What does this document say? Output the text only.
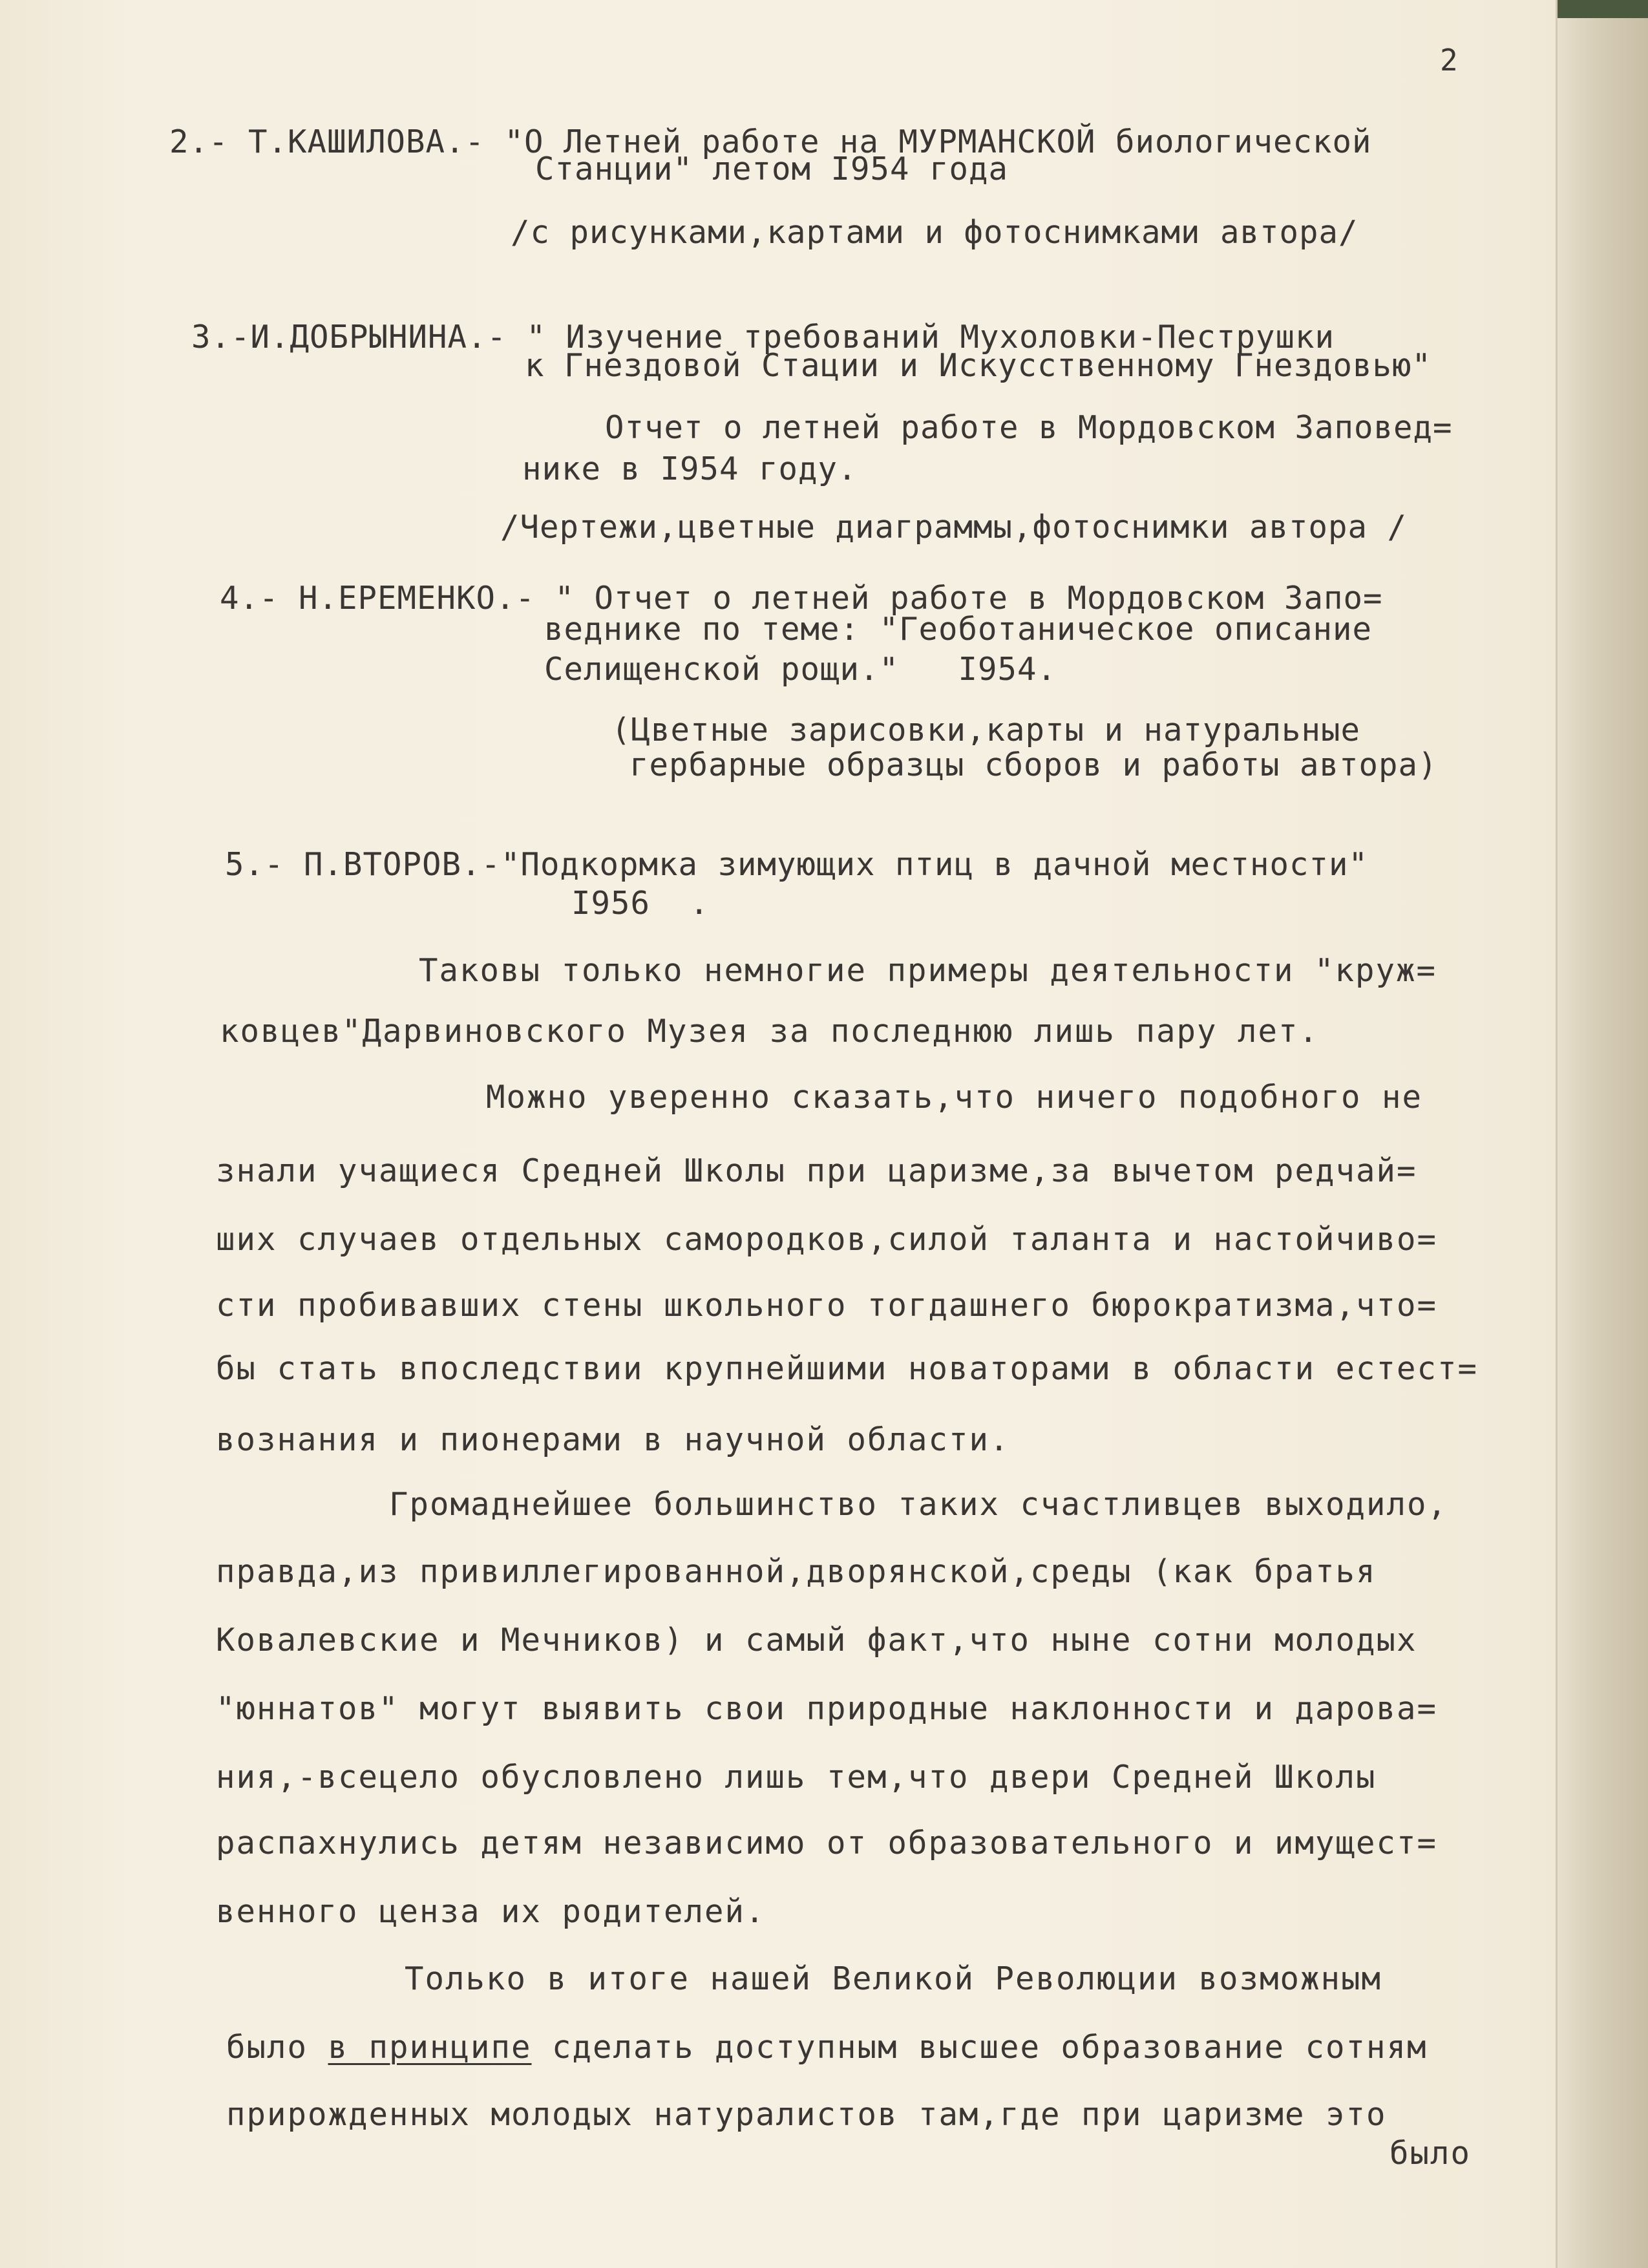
2

2.- Т.КАШИЛОВА.- "О Летней работе на МУРМАНСКОЙ биологической

Станции" летом I954 года

/с рисунками,картами и фотоснимками автора/

3.-И.ДОБРЫНИНА.- " Изучение требований Мухоловки-Пеструшки

к Гнездовой Стации и Искусственному Гнездовью"

Отчет о летней работе в Мордовском Заповед=

нике в I954 году.

/Чертежи,цветные диаграммы,фотоснимки автора /

4.- Н.ЕРЕМЕНКО.- " Отчет о летней работе в Мордовском Запо=

веднике по теме: "Геоботаническое описание

Селищенской рощи."   I954.

(Цветные зарисовки,карты и натуральные

гербарные образцы сборов и работы автора)

5.- П.ВТОРОВ.-"Подкормка зимующих птиц в дачной местности"

I956  .

Таковы только немногие примеры деятельности "круж=

ковцев"Дарвиновского Музея за последнюю лишь пару лет.

Можно уверенно сказать,что ничего подобного не

знали учащиеся Средней Школы при царизме,за вычетом редчай=

ших случаев отдельных самородков,силой таланта и настойчиво=

сти пробивавших стены школьного тогдашнего бюрократизма,что=

бы стать впоследствии крупнейшими новаторами в области естест=

вознания и пионерами в научной области.

Громаднейшее большинство таких счастливцев выходило,

правда,из привиллегированной,дворянской,среды (как братья

Ковалевские и Мечников) и самый факт,что ныне сотни молодых

"юннатов" могут выявить свои природные наклонности и дарова=

ния,-всецело обусловлено лишь тем,что двери Средней Школы

распахнулись детям независимо от образовательного и имущест=

венного ценза их родителей.

Только в итоге нашей Великой Революции возможным

было в принципе сделать доступным высшее образование сотням

прирожденных молодых натуралистов там,где при царизме это

было
